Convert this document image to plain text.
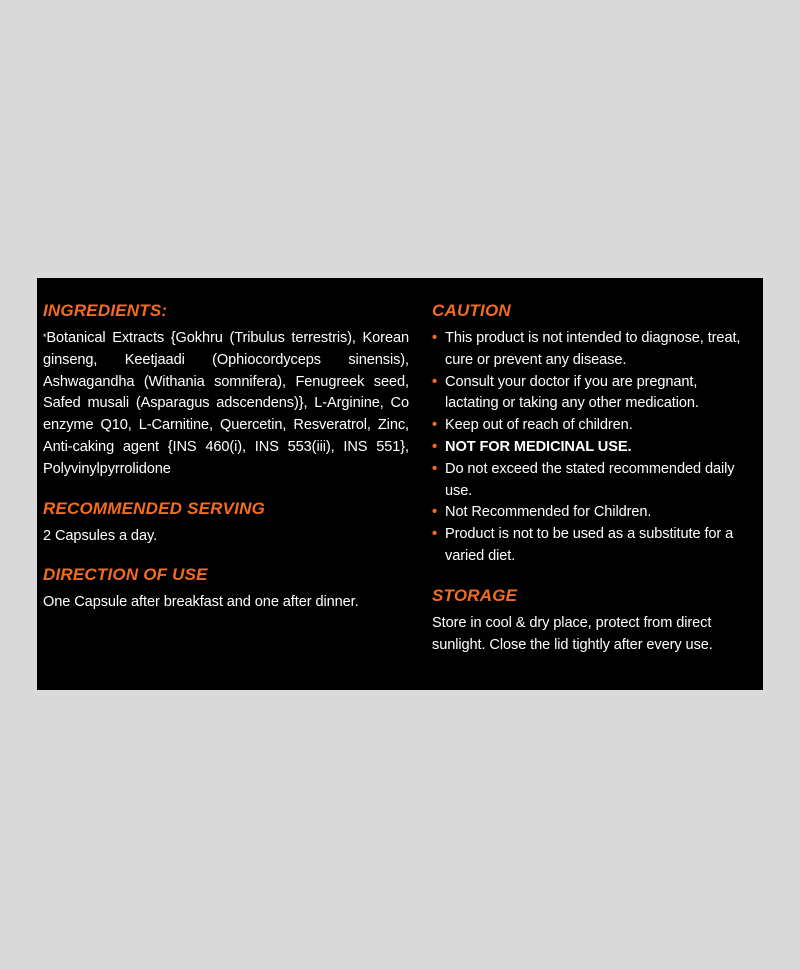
INGREDIENTS:

*Botanical Extracts {Gokhru (Tribulus terrestris), Korean ginseng, Keetjaadi (Ophiocordyceps sinensis), Ashwagandha (Withania somnifera), Fenugreek seed, Safed musali (Asparagus adscendens)}, L-Arginine, Co enzyme Q10, L-Carnitine, Quercetin, Resveratrol, Zinc, Anti-caking agent {INS 460(i), INS 553(iii), INS 551}, Polyvinylpyrrolidone

RECOMMENDED SERVING

2 Capsules a day.

DIRECTION OF USE

One Capsule after breakfast and one after dinner.

CAUTION
• This product is not intended to diagnose, treat, cure or prevent any disease.
• Consult your doctor if you are pregnant, lactating or taking any other medication.
• Keep out of reach of children.
• NOT FOR MEDICINAL USE.
• Do not exceed the stated recommended daily use.
• Not Recommended for Children.
• Product is not to be used as a substitute for a varied diet.
STORAGE

Store in cool & dry place, protect from direct sunlight. Close the lid tightly after every use.
